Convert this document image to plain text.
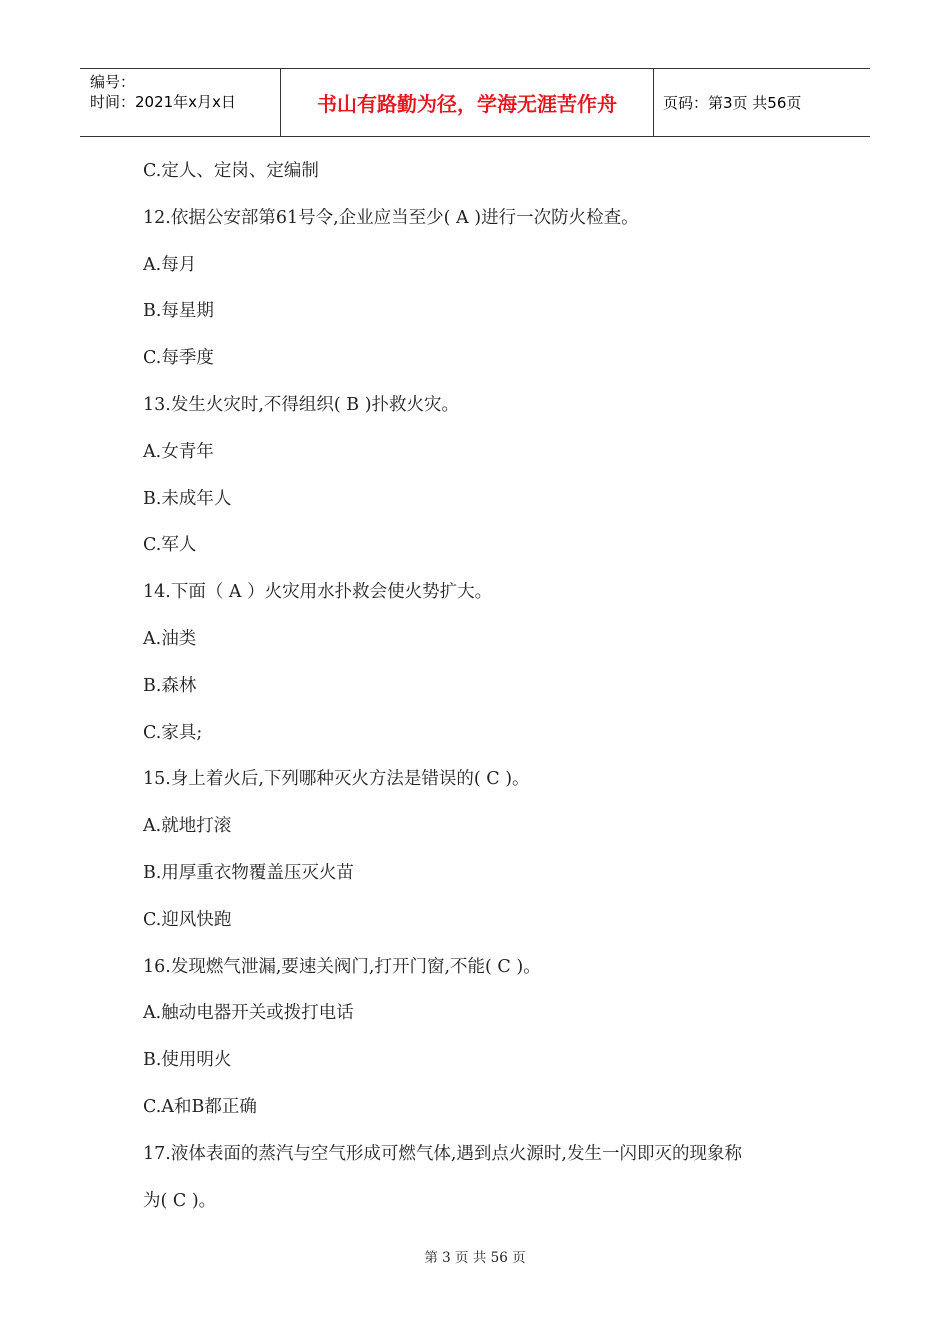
编号：
时间：2021年x月x日	书山有路勤为径，学海无涯苦作舟	页码：第3页 共56页
C.定人、定岗、定编制
12.依据公安部第61号令,企业应当至少( A )进行一次防火检查。
A.每月
B.每星期
C.每季度
13.发生火灾时,不得组织( B )扑救火灾。
A.女青年
B.未成年人
C.军人
14.下面（ A ）火灾用水扑救会使火势扩大。
A.油类
B.森林
C.家具;
15.身上着火后,下列哪种灭火方法是错误的( C )。
A.就地打滚
B.用厚重衣物覆盖压灭火苗
C.迎风快跑
16.发现燃气泄漏,要速关阀门,打开门窗,不能( C )。
A.触动电器开关或拨打电话
B.使用明火
C.A和B都正确
17.液体表面的蒸汽与空气形成可燃气体,遇到点火源时,发生一闪即灭的现象称
为( C )。
第 3 页 共 56 页
